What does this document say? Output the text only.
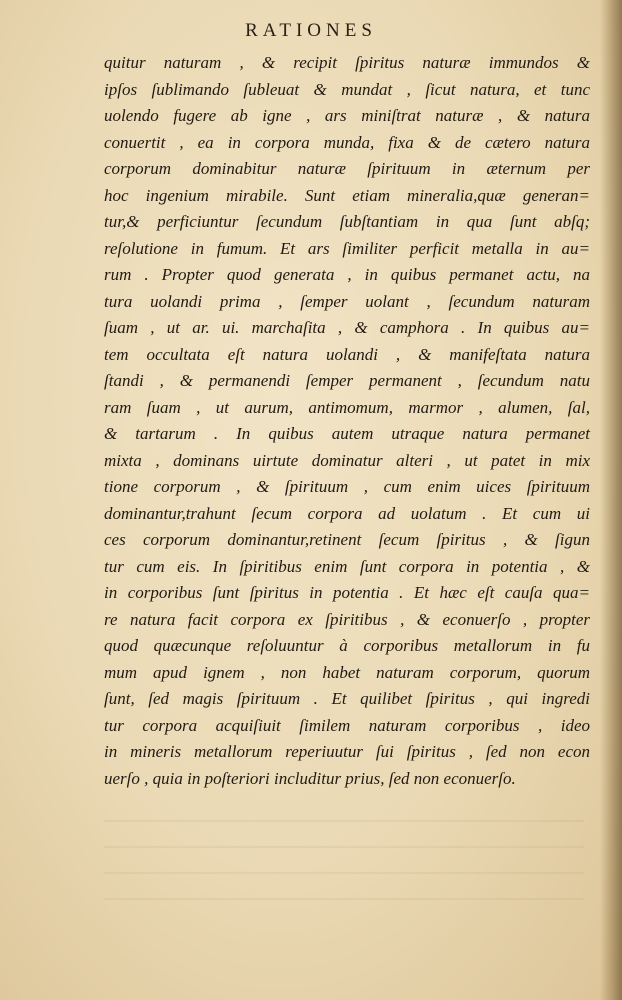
RATIONES
quitur naturam , & recipit ſpiritus naturæ immundos &
ipſos ſublimando ſubleuat & mundat , ſicut natura, et tunc
uolendo fugere ab igne , ars miniſtrat naturæ , & natura
conuertit , ea in corpora munda, fixa & de cætero natura
corporum dominabitur naturæ ſpirituum in æternum per
hoc ingenium mirabile. Sunt etiam mineralia,quæ generan=
tur,& perficiuntur ſecundum ſubſtantiam in qua ſunt abſq;
reſolutione in fumum. Et ars ſimiliter perficit metalla in au=
rum . Propter quod generata , in quibus permanet actu, na
tura uolandi prima , ſemper uolant , ſecundum naturam
ſuam , ut ar. ui. marchaſita , & camphora . In quibus au=
tem occultata eſt natura uolandi , & manifeſtata natura
ſtandi , & permanendi ſemper permanent , ſecundum natu
ram ſuam , ut aurum, antimomum, marmor , alumen, ſal,
& tartarum . In quibus autem utraque natura permanet
mixta , dominans uirtute dominatur alteri , ut patet in mix
tione corporum , & ſpirituum , cum enim uices ſpirituum
dominantur,trahunt ſecum corpora ad uolatum . Et cum ui
ces corporum dominantur,retinent ſecum ſpiritus , & ſigun
tur cum eis. In ſpiritibus enim ſunt corpora in potentia , &
in corporibus ſunt ſpiritus in potentia . Et hæc eſt cauſa qua=
re natura facit corpora ex ſpiritibus , & econuerſo , propter
quod quæcunque reſoluuntur à corporibus metallorum in fu
mum apud ignem , non habet naturam corporum, quorum
ſunt, ſed magis ſpirituum . Et quilibet ſpiritus , qui ingredi
tur corpora acquiſiuit ſimilem naturam corporibus , ideo
in mineris metallorum reperiuutur ſui ſpiritus , ſed non econ
uerſo , quia in poſteriori includitur prius, ſed non econuerſo.
